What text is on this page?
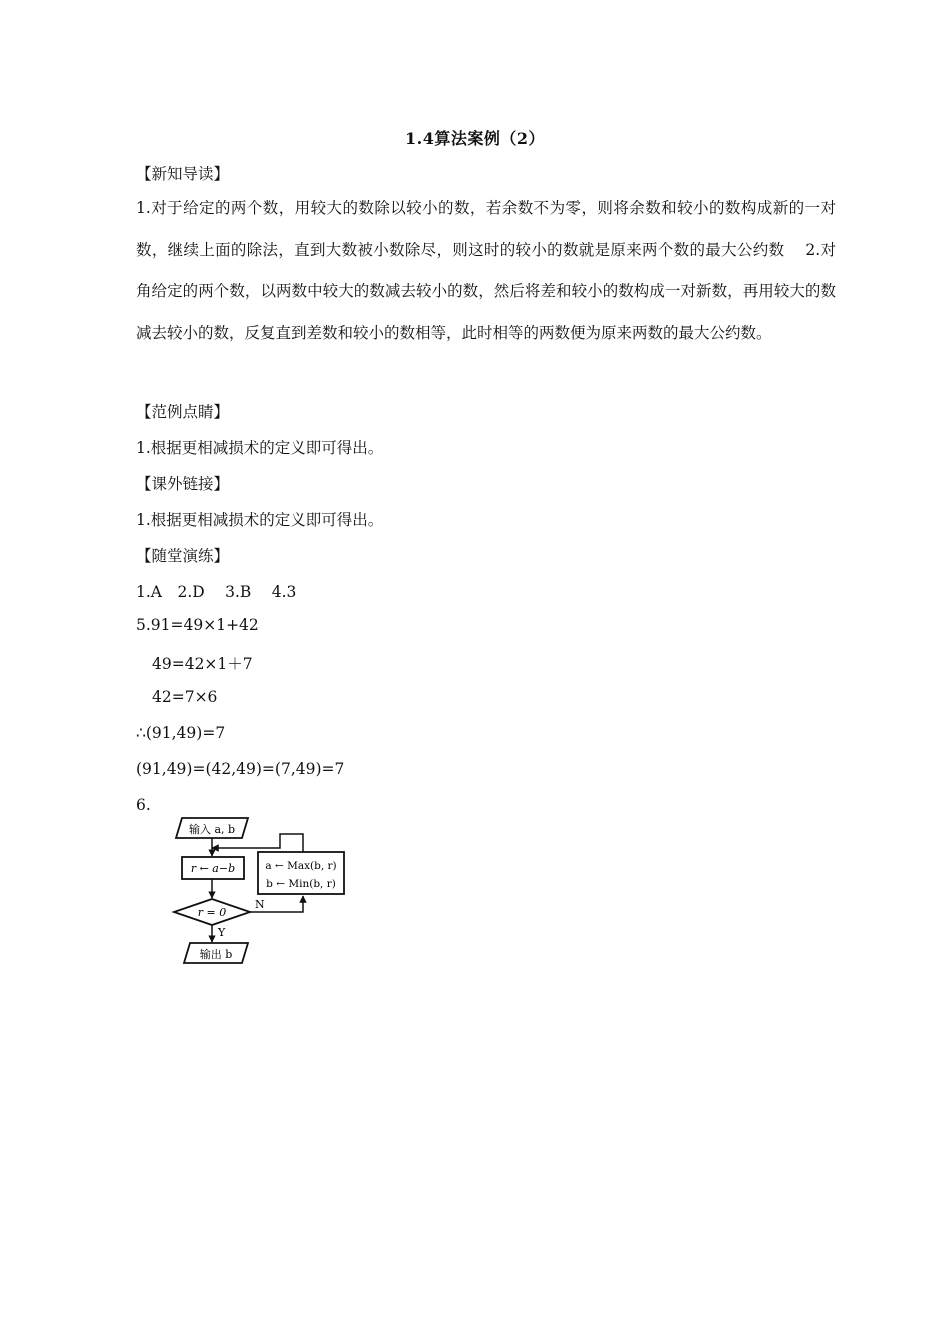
1.4算法案例（2）
【新知导读】
1.对于给定的两个数，用较大的数除以较小的数，若余数不为零，则将余数和较小的数构成新的一对数，继续上面的除法，直到大数被小数除尽，则这时的较小的数就是原来两个数的最大公约数　 2.对角给定的两个数，以两数中较大的数减去较小的数，然后将差和较小的数构成一对新数，再用较大的数减去较小的数，反复直到差数和较小的数相等，此时相等的两数便为原来两数的最大公约数。
【范例点睛】
1.根据更相减损术的定义即可得出。
【课外链接】
1.根据更相减损术的定义即可得出。
【随堂演练】
1.A　2.D　 3.B　 4.3
5.91=49×1+42
49=42×1＋7
42=7×6
∴(91,49)=7
(91,49)=(42,49)=(7,49)=7
6.
输入 a, b
r ← a−b
r = 0
a ← Max(b, r)
b ← Min(b, r)
N
Y
输出 b
